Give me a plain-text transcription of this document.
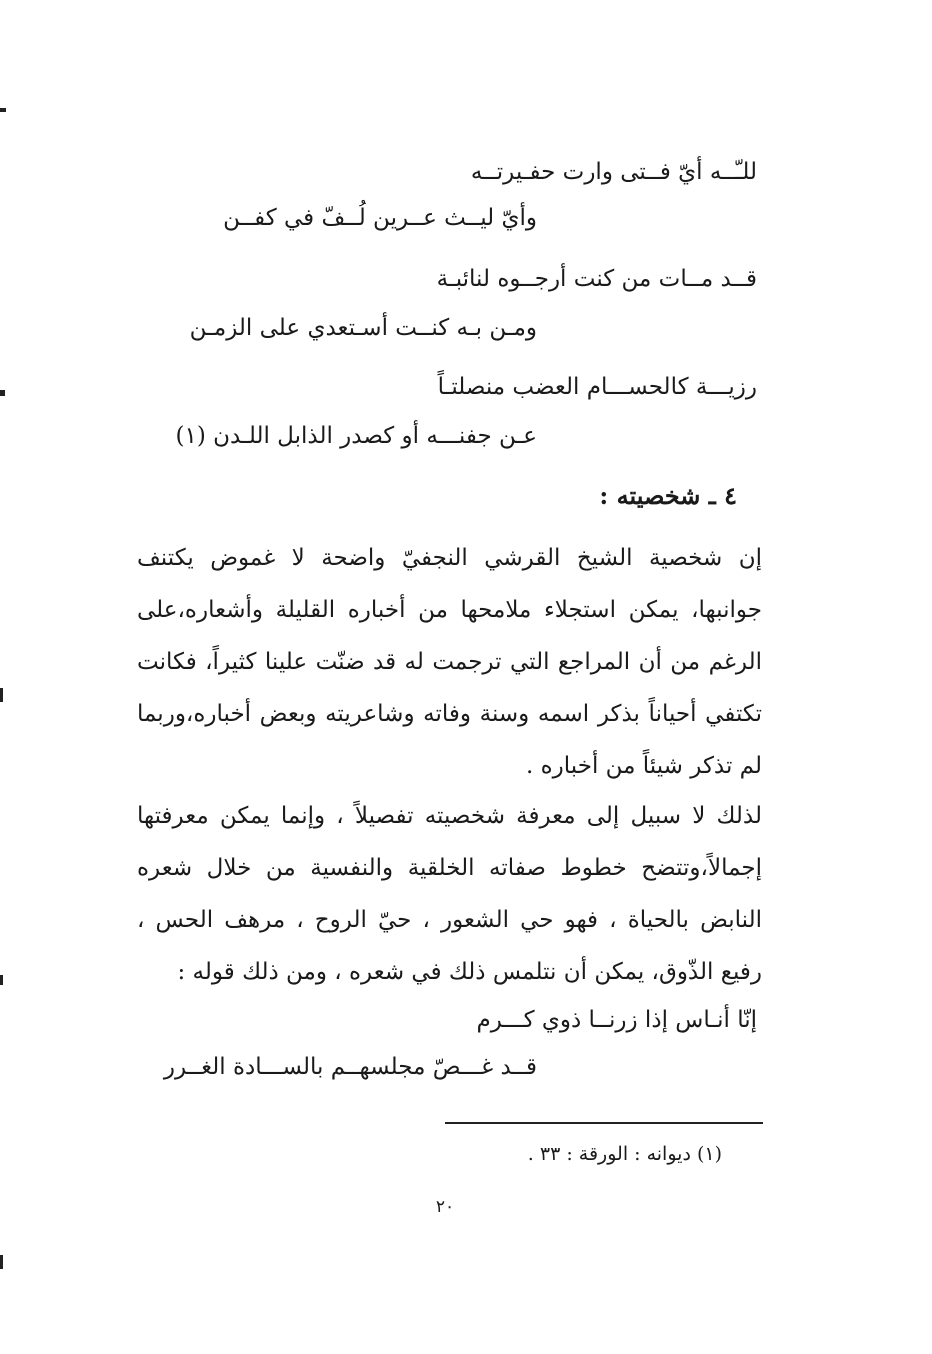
للـّــه أيّ فــتى وارت حفـيرتــه
وأيّ ليــث عــرين لُــفّ في كفــن
قــد مــات من كنت أرجــوه لنائبـة
ومـن بـه كنــت أسـتعدي على الزمـن
رزيـــة كالحســـام العضب منصلتـاً
عـن جفنـــه أو كصدر الذابل اللـدن (١)
٤ ـ شخصيته :
إن شخصية الشيخ القرشي النجفيّ واضحة لا غموض يكتنف جوانبها، يمكن استجلاء ملامحها من أخباره القليلة وأشعاره،على الرغم من أن المراجع التي ترجمت له قد ضنّت علينا كثيراً، فكانت تكتفي أحياناً بذكر اسمه وسنة وفاته وشاعريته وبعض أخباره،وربما لم تذكر شيئاً من أخباره .
لذلك لا سبيل إلى معرفة شخصيته تفصيلاً ، وإنما يمكن معرفتها إجمالاً،وتتضح خطوط صفاته الخلقية والنفسية من خلال شعره النابض بالحياة ، فهو حي الشعور ، حيّ الروح ، مرهف الحس ، رفيع الذّوق، يمكن أن نتلمس ذلك في شعره ، ومن ذلك قوله :
إنّا أنـاس إذا زرنــا ذوي كـــرم
قــد غـــصّ مجلسهــم بالســـادة الغــرر
(١) ديوانه : الورقة : ٣٣ .
٢٠
